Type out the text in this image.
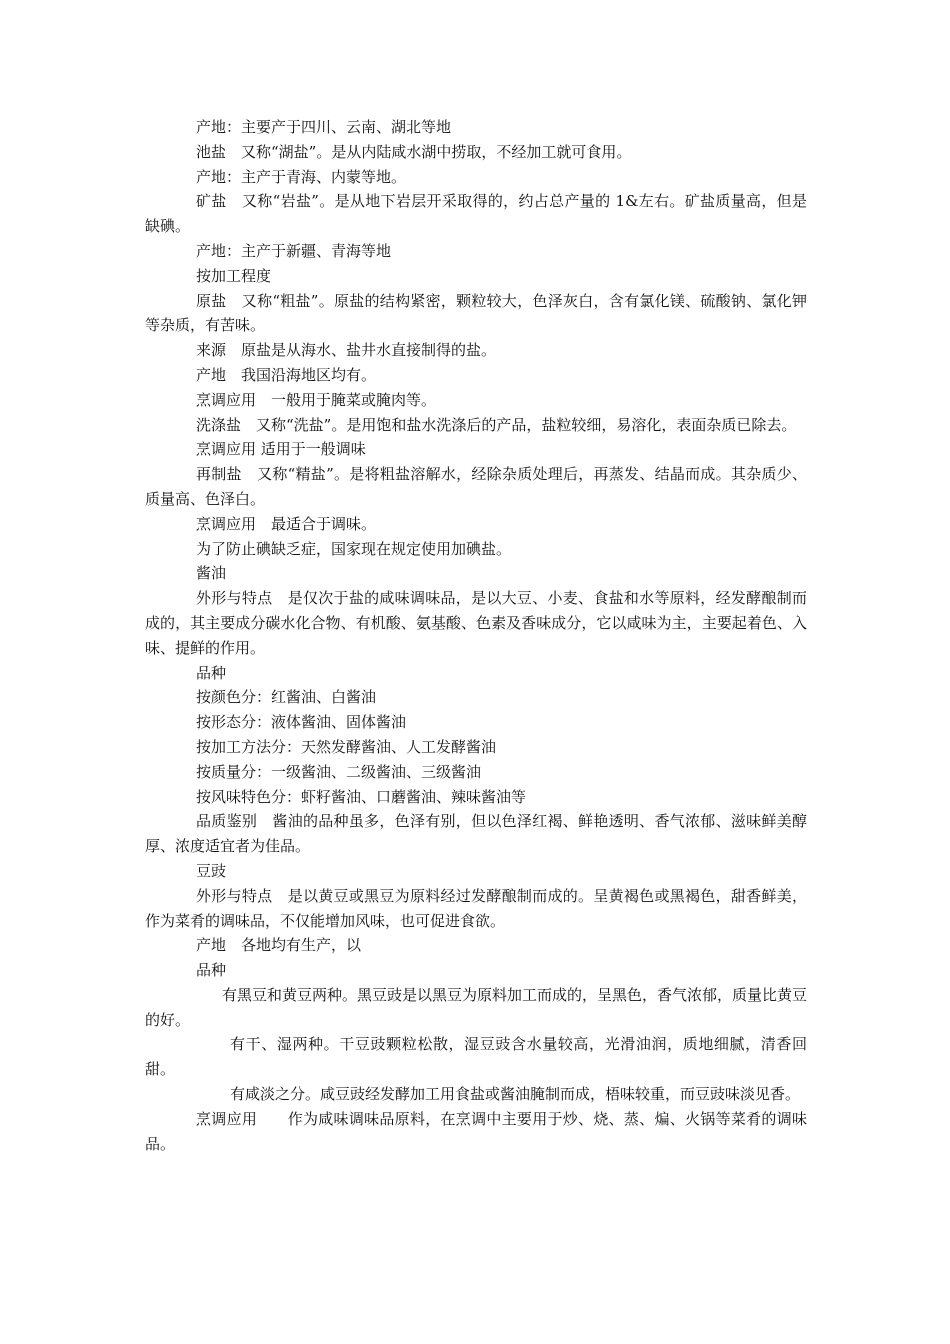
产地：主要产于四川、云南、湖北等地

池盐　又称“湖盐”。是从内陆咸水湖中捞取，不经加工就可食用。

产地：主产于青海、内蒙等地。

矿盐　又称“岩盐”。是从地下岩层开采取得的，约占总产量的 1&左右。矿盐质量高，但是缺碘。

产地：主产于新疆、青海等地

按加工程度

原盐　又称“粗盐”。原盐的结构紧密，颗粒较大，色泽灰白，含有氯化镁、硫酸钠、氯化钾等杂质，有苦味。

来源　原盐是从海水、盐井水直接制得的盐。

产地　我国沿海地区均有。

烹调应用　一般用于腌菜或腌肉等。

洗涤盐　又称“洗盐”。是用饱和盐水洗涤后的产品，盐粒较细，易溶化，表面杂质已除去。

烹调应用 适用于一般调味

再制盐　又称“精盐”。是将粗盐溶解水，经除杂质处理后，再蒸发、结晶而成。其杂质少、质量高、色泽白。

烹调应用　最适合于调味。

为了防止碘缺乏症，国家现在规定使用加碘盐。

酱油

外形与特点　是仅次于盐的咸味调味品，是以大豆、小麦、食盐和水等原料，经发酵酿制而成的，其主要成分碳水化合物、有机酸、氨基酸、色素及香味成分，它以咸味为主，主要起着色、入味、提鲜的作用。

品种

按颜色分：红酱油、白酱油

按形态分：液体酱油、固体酱油

按加工方法分：天然发酵酱油、人工发酵酱油

按质量分：一级酱油、二级酱油、三级酱油

按风味特色分：虾籽酱油、口蘑酱油、辣味酱油等

品质鉴别　酱油的品种虽多，色泽有别，但以色泽红褐、鲜艳透明、香气浓郁、滋味鲜美醇厚、浓度适宜者为佳品。

豆豉

外形与特点　是以黄豆或黑豆为原料经过发酵酿制而成的。呈黄褐色或黑褐色，甜香鲜美，作为菜肴的调味品，不仅能增加风味，也可促进食欲。

产地　各地均有生产，以

品种

有黑豆和黄豆两种。黑豆豉是以黑豆为原料加工而成的，呈黑色，香气浓郁，质量比黄豆的好。

有干、湿两种。干豆豉颗粒松散，湿豆豉含水量较高，光滑油润，质地细腻，清香回甜。

有咸淡之分。咸豆豉经发酵加工用食盐或酱油腌制而成，梧味较重，而豆豉味淡见香。

烹调应用　　作为咸味调味品原料，在烹调中主要用于炒、烧、蒸、煸、火锅等菜肴的调味品。
